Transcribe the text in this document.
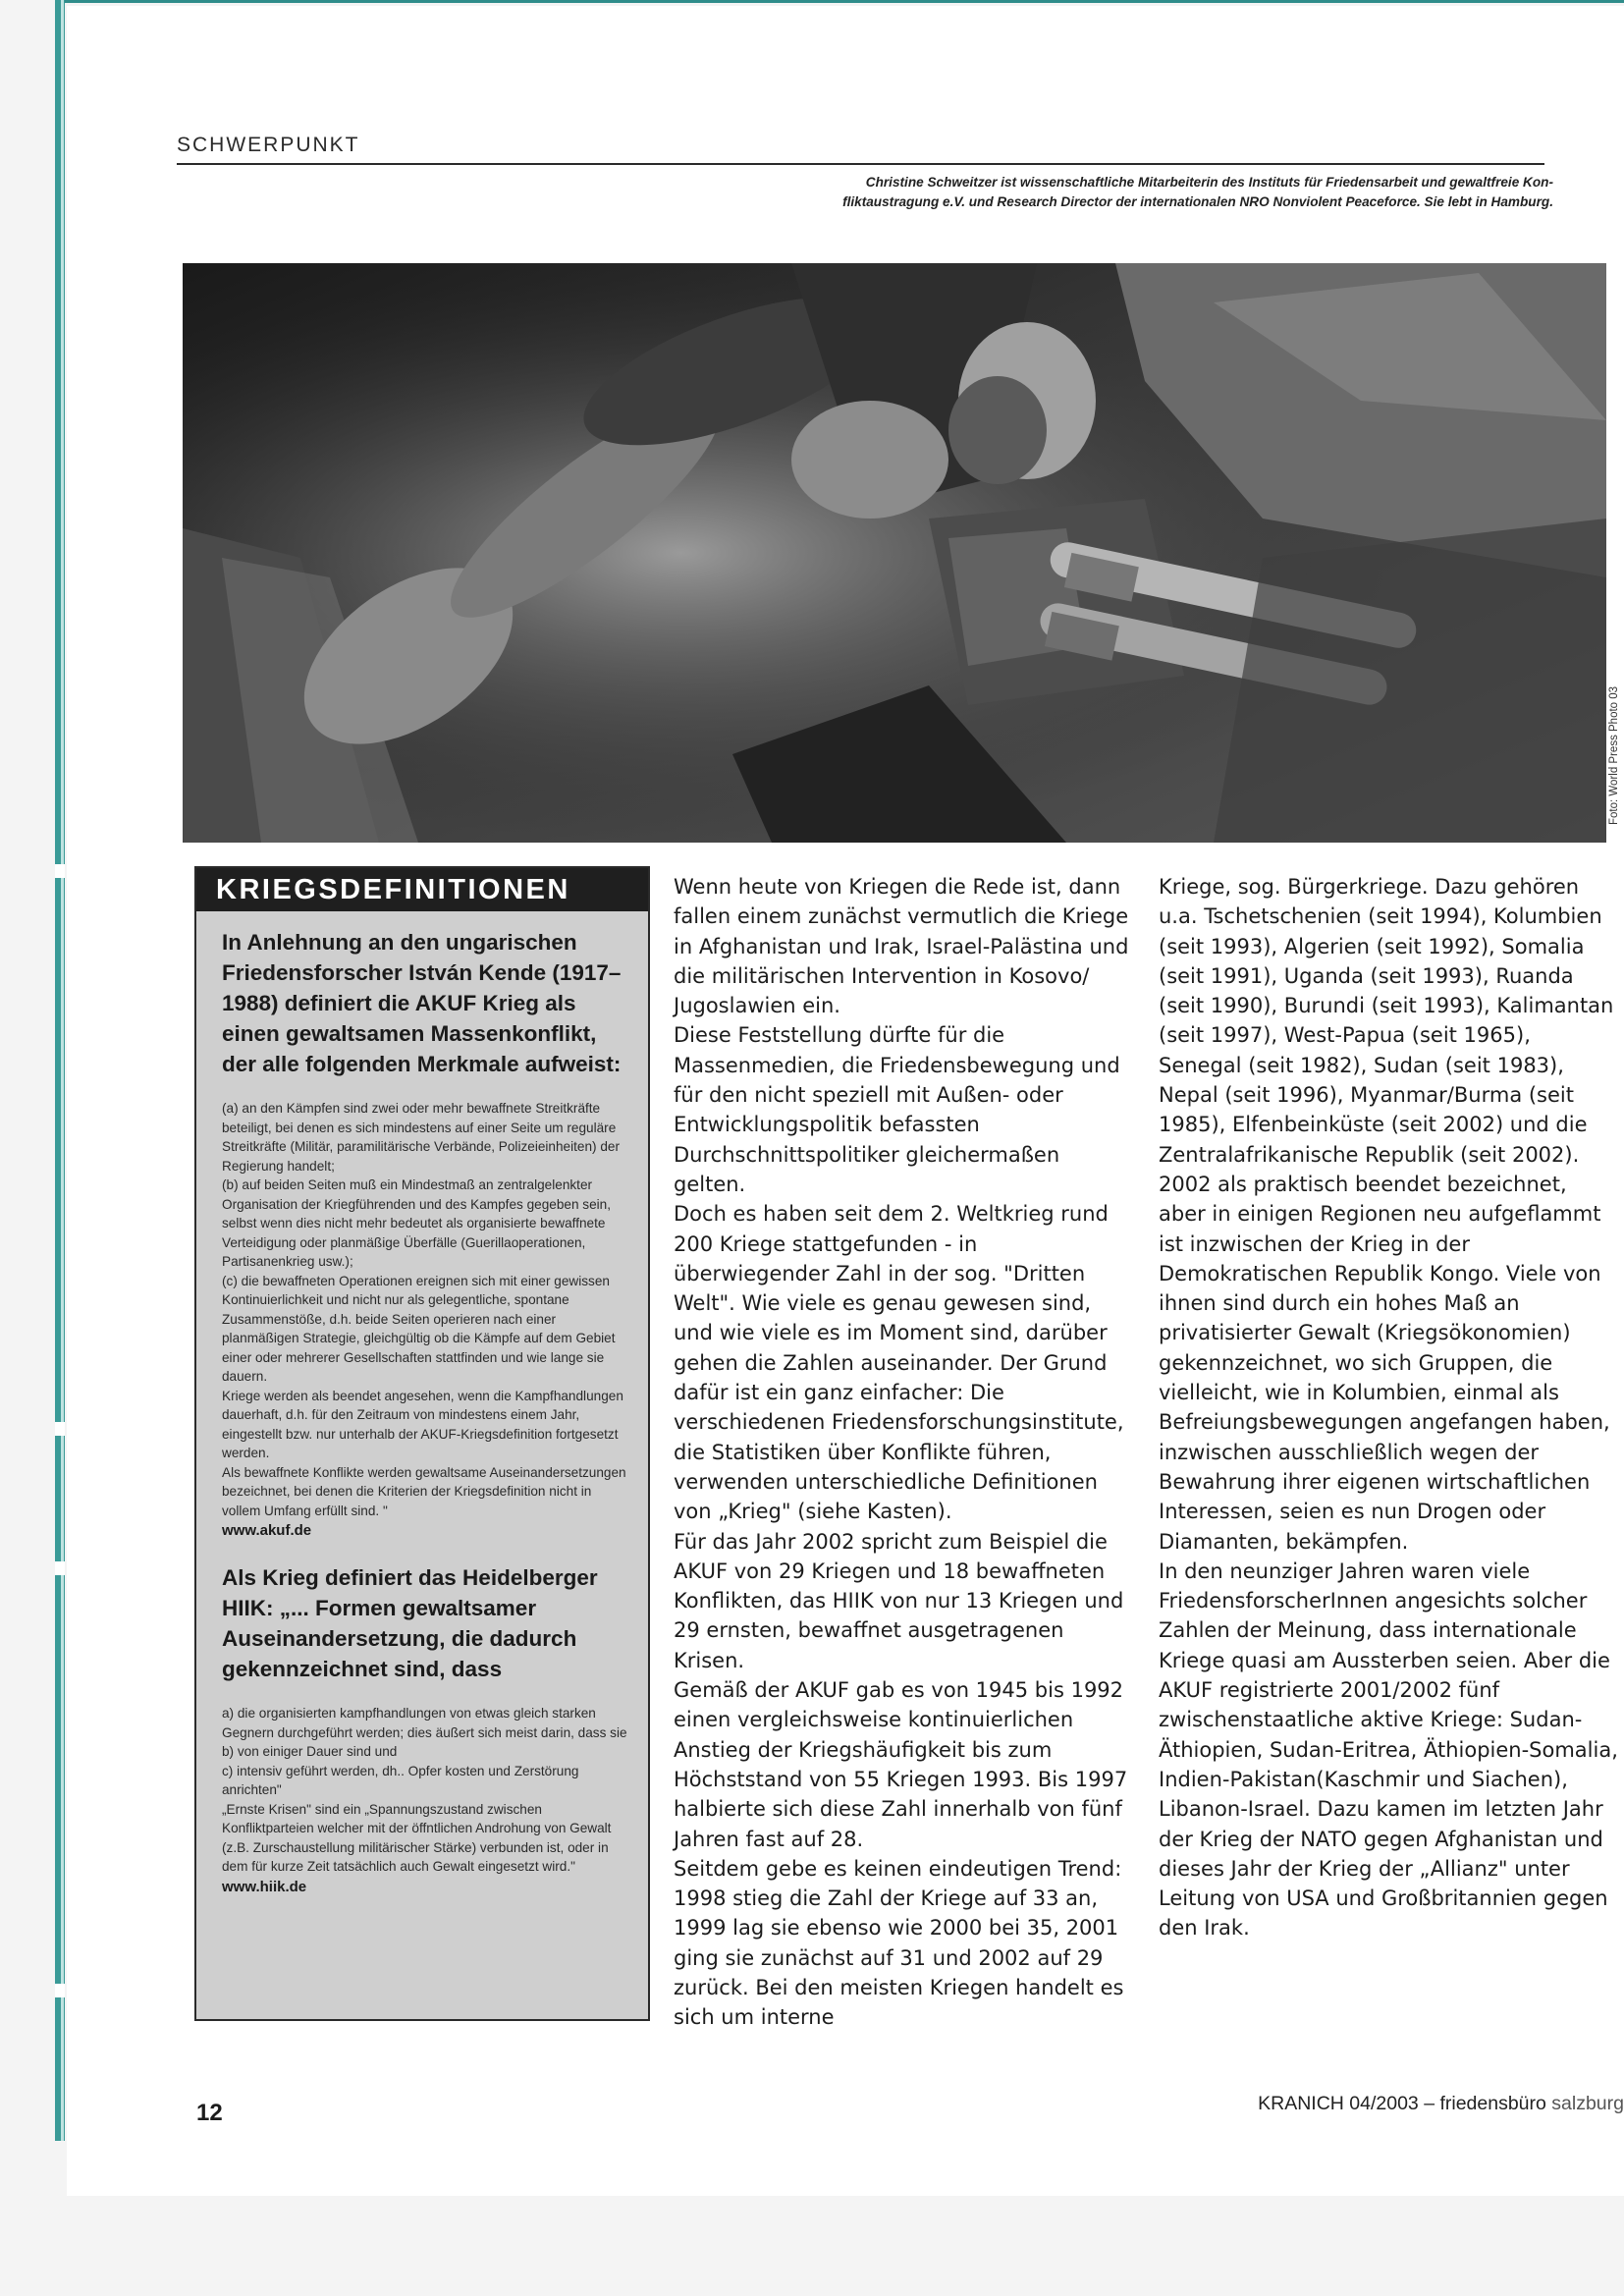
SCHWERPUNKT
Christine Schweitzer ist wissenschaftliche Mitarbeiterin des Instituts für Friedensarbeit und gewaltfreie Kon-
fliktaustragung e.V. und Research Director der internationalen NRO Nonviolent Peaceforce. Sie lebt in Hamburg.
Foto: World Press Photo 03
KRIEGSDEFINITIONEN
In Anlehnung an den ungarischen Friedensforscher István Kende (1917–1988) definiert die AKUF Krieg als einen gewaltsamen Massenkonflikt, der alle folgenden Merkmale aufweist:

(a) an den Kämpfen sind zwei oder mehr bewaffnete Streitkräfte beteiligt, bei denen es sich mindestens auf einer Seite um reguläre Streitkräfte (Militär, paramilitärische Verbände, Polizeieinheiten) der Regierung handelt;

(b) auf beiden Seiten muß ein Mindestmaß an zentralgelenkter Organisation der Kriegführenden und des Kampfes gegeben sein, selbst wenn dies nicht mehr bedeutet als organisierte bewaffnete Verteidigung oder planmäßige Überfälle (Guerillaoperationen, Partisanenkrieg usw.);

(c) die bewaffneten Operationen ereignen sich mit einer gewissen Kontinuierlichkeit und nicht nur als gelegentliche, spontane Zusammenstöße, d.h. beide Seiten operieren nach einer planmäßigen Strategie, gleichgültig ob die Kämpfe auf dem Gebiet einer oder mehrerer Gesellschaften stattfinden und wie lange sie dauern.

Kriege werden als beendet angesehen, wenn die Kampfhandlungen dauerhaft, d.h. für den Zeitraum von mindestens einem Jahr, eingestellt bzw. nur unterhalb der AKUF-Kriegsdefinition fortgesetzt werden.

Als bewaffnete Konflikte werden gewaltsame Auseinandersetzungen bezeichnet, bei denen die Kriterien der Kriegsdefinition nicht in vollem Umfang erfüllt sind. "

www.akuf.de
Als Krieg definiert das Heidelberger HIIK: „... Formen gewaltsamer Auseinandersetzung, die dadurch gekennzeichnet sind, dass

a) die organisierten kampfhandlungen von etwas gleich starken Gegnern durchgeführt werden; dies äußert sich meist darin, dass sie

b) von einiger Dauer sind und

c) intensiv geführt werden, dh.. Opfer kosten und Zerstörung anrichten"

„Ernste Krisen" sind ein „Spannungszustand zwischen Konfliktparteien welcher mit der öffntlichen Androhung von Gewalt (z.B. Zurschaustellung militärischer Stärke) verbunden ist, oder in dem für kurze Zeit tatsächlich auch Gewalt eingesetzt wird."

www.hiik.de

Wenn heute von Kriegen die Rede ist, dann fallen einem zunächst vermutlich die Kriege in Afghanistan und Irak, Israel-Palästina und die militärischen Intervention in Kosovo/ Jugoslawien ein.

Diese Feststellung dürfte für die Massenmedien, die Friedensbewegung und für den nicht speziell mit Außen- oder Entwicklungspolitik befassten Durchschnittspolitiker gleichermaßen gelten.

Doch es haben seit dem 2. Weltkrieg rund 200 Kriege stattgefunden - in überwiegender Zahl in der sog. "Dritten Welt". Wie viele es genau gewesen sind, und wie viele es im Moment sind, darüber gehen die Zahlen auseinander. Der Grund dafür ist ein ganz einfacher: Die verschiedenen Friedensforschungsinstitute, die Statistiken über Konflikte führen, verwenden unterschiedliche Definitionen von „Krieg" (siehe Kasten).

Für das Jahr 2002 spricht zum Beispiel die AKUF von 29 Kriegen und 18 bewaffneten Konflikten, das HIIK von nur 13 Kriegen und 29 ernsten, bewaffnet ausgetragenen Krisen.

Gemäß der AKUF gab es von 1945 bis 1992 einen vergleichsweise kontinuierlichen Anstieg der Kriegshäufigkeit bis zum Höchststand von 55 Kriegen 1993. Bis 1997 halbierte sich diese Zahl innerhalb von fünf Jahren fast auf 28.

Seitdem gebe es keinen eindeutigen Trend: 1998 stieg die Zahl der Kriege auf 33 an, 1999 lag sie ebenso wie 2000 bei 35, 2001 ging sie zunächst auf 31 und 2002 auf 29 zurück. Bei den meisten Kriegen handelt es sich um interne

Kriege, sog. Bürgerkriege. Dazu gehören u.a. Tschetschenien (seit 1994), Kolumbien (seit 1993), Algerien (seit 1992), Somalia (seit 1991), Uganda (seit 1993), Ruanda (seit 1990), Burundi (seit 1993), Kalimantan (seit 1997), West-Papua (seit 1965), Senegal (seit 1982), Sudan (seit 1983), Nepal (seit 1996), Myanmar/Burma (seit 1985), Elfenbeinküste (seit 2002) und die Zentralafrikanische Republik (seit 2002). 2002 als praktisch beendet bezeichnet, aber in einigen Regionen neu aufgeflammt ist inzwischen der Krieg in der Demokratischen Republik Kongo. Viele von ihnen sind durch ein hohes Maß an privatisierter Gewalt (Kriegsökonomien) gekennzeichnet, wo sich Gruppen, die vielleicht, wie in Kolumbien, einmal als Befreiungsbewegungen angefangen haben, inzwischen ausschließlich wegen der Bewahrung ihrer eigenen wirtschaftlichen Interessen, seien es nun Drogen oder Diamanten, bekämpfen.

In den neunziger Jahren waren viele FriedensforscherInnen angesichts solcher Zahlen der Meinung, dass internationale Kriege quasi am Aussterben seien. Aber die AKUF registrierte 2001/2002 fünf zwischenstaatliche aktive Kriege: Sudan-Äthiopien, Sudan-Eritrea, Äthiopien-Somalia, Indien-Pakistan(Kaschmir und Siachen), Libanon-Israel. Dazu kamen im letzten Jahr der Krieg der NATO gegen Afghanistan und dieses Jahr der Krieg der „Allianz" unter Leitung von USA und Großbritannien gegen den Irak.

12	KRANICH 04/2003 – friedensbüro salzburg
